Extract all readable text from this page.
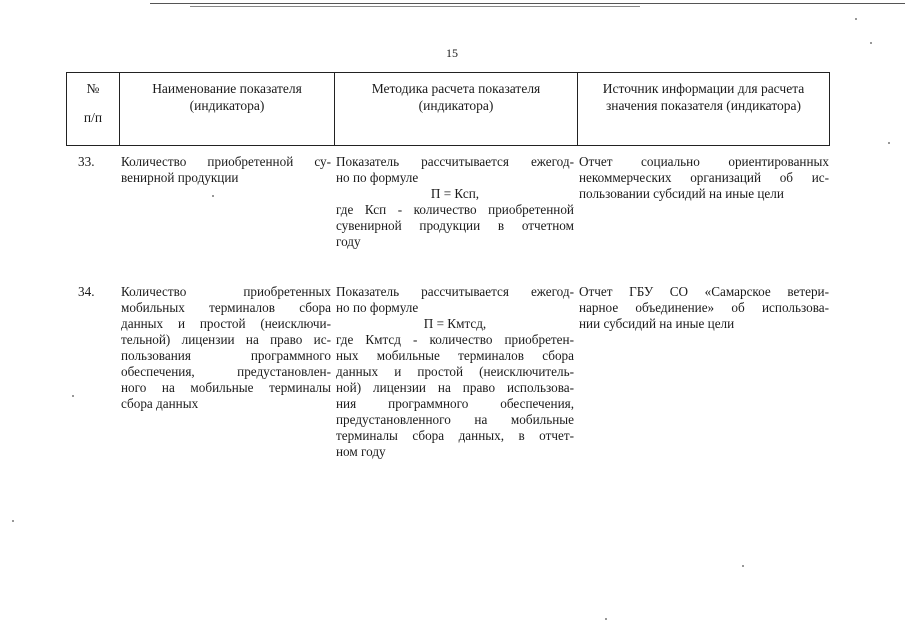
15
№
п/п
Наименование показателя
(индикатора)
Методика расчета показателя
(индикатора)
Источник информации для расчета
значения показателя (индикатора)
33.	Количество приобретенной су-
венирной продукции
Показатель рассчитывается ежегод-
но по формуле
П = Ксп,
где Ксп - количество приобретенной
сувенирной продукции в отчетном
году
Отчет социально ориентированных
некоммерческих организаций об ис-
пользовании субсидий на иные цели
34.	Количество приобретенных
мобильных терминалов сбора
данных и простой (неисключи-
тельной) лицензии на право ис-
пользования программного
обеспечения, предустановлен-
ного на мобильные терминалы
сбора данных
Показатель рассчитывается ежегод-
но по формуле
П = Кмтсд,
где Кмтсд - количество приобретен-
ных мобильные терминалов сбора
данных и простой (неисключитель-
ной) лицензии на право использова-
ния программного обеспечения,
предустановленного на мобильные
терминалы сбора данных, в отчет-
ном году
Отчет ГБУ СО «Самарское ветери-
нарное объединение» об использова-
нии субсидий на иные цели
